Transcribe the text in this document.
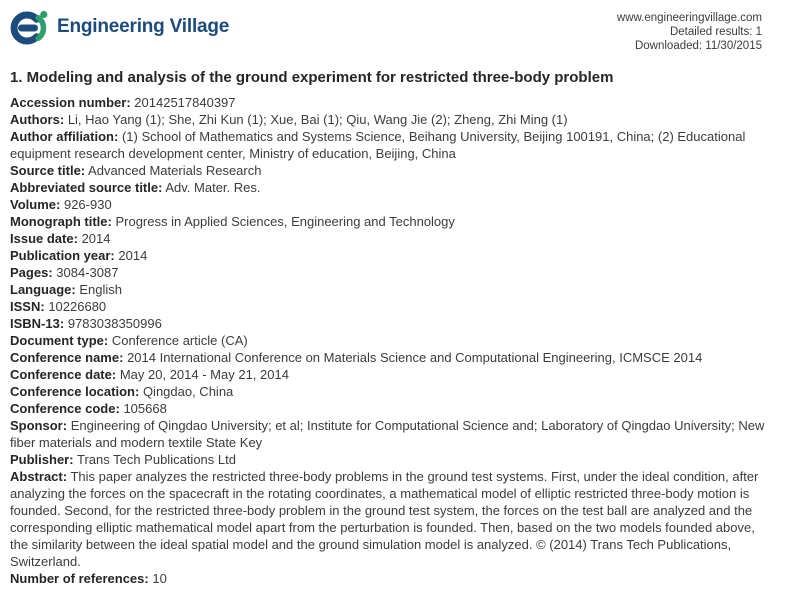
Engineering Village	www.engineeringvillage.com
Detailed results: 1
Downloaded: 11/30/2015
1. Modeling and analysis of the ground experiment for restricted three-body problem

Accession number : 20142517840397

Authors : Li, Hao Yang (1); She, Zhi Kun (1); Xue, Bai (1); Qiu, Wang Jie (2); Zheng, Zhi Ming (1)

Author affiliation : (1) School of Mathematics and Systems Science, Beihang University, Beijing 100191, China; (2) Educational equipment research development center, Ministry of education, Beijing, China

Source title : Advanced Materials Research

Abbreviated source title : Adv. Mater. Res.

Volume : 926-930

Monograph title : Progress in Applied Sciences, Engineering and Technology

Issue date : 2014

Publication year : 2014

Pages : 3084-3087

Language : English

ISSN : 10226680

ISBN-13 : 9783038350996

Document type : Conference article (CA)

Conference name : 2014 International Conference on Materials Science and Computational Engineering, ICMSCE 2014

Conference date : May 20, 2014 - May 21, 2014

Conference location : Qingdao, China

Conference code : 105668

Sponsor : Engineering of Qingdao University; et al; Institute for Computational Science and; Laboratory of Qingdao University; New fiber materials and modern textile State Key

Publisher : Trans Tech Publications Ltd

Abstract : This paper analyzes the restricted three-body problems in the ground test systems. First, under the ideal condition, after analyzing the forces on the spacecraft in the rotating coordinates, a mathematical model of elliptic restricted three-body motion is founded. Second, for the restricted three-body problem in the ground test system, the forces on the test ball are analyzed and the corresponding elliptic mathematical model apart from the perturbation is founded. Then, based on the two models founded above, the similarity between the ideal spatial model and the ground simulation model is analyzed. © (2014) Trans Tech Publications, Switzerland.

Number of references : 10
